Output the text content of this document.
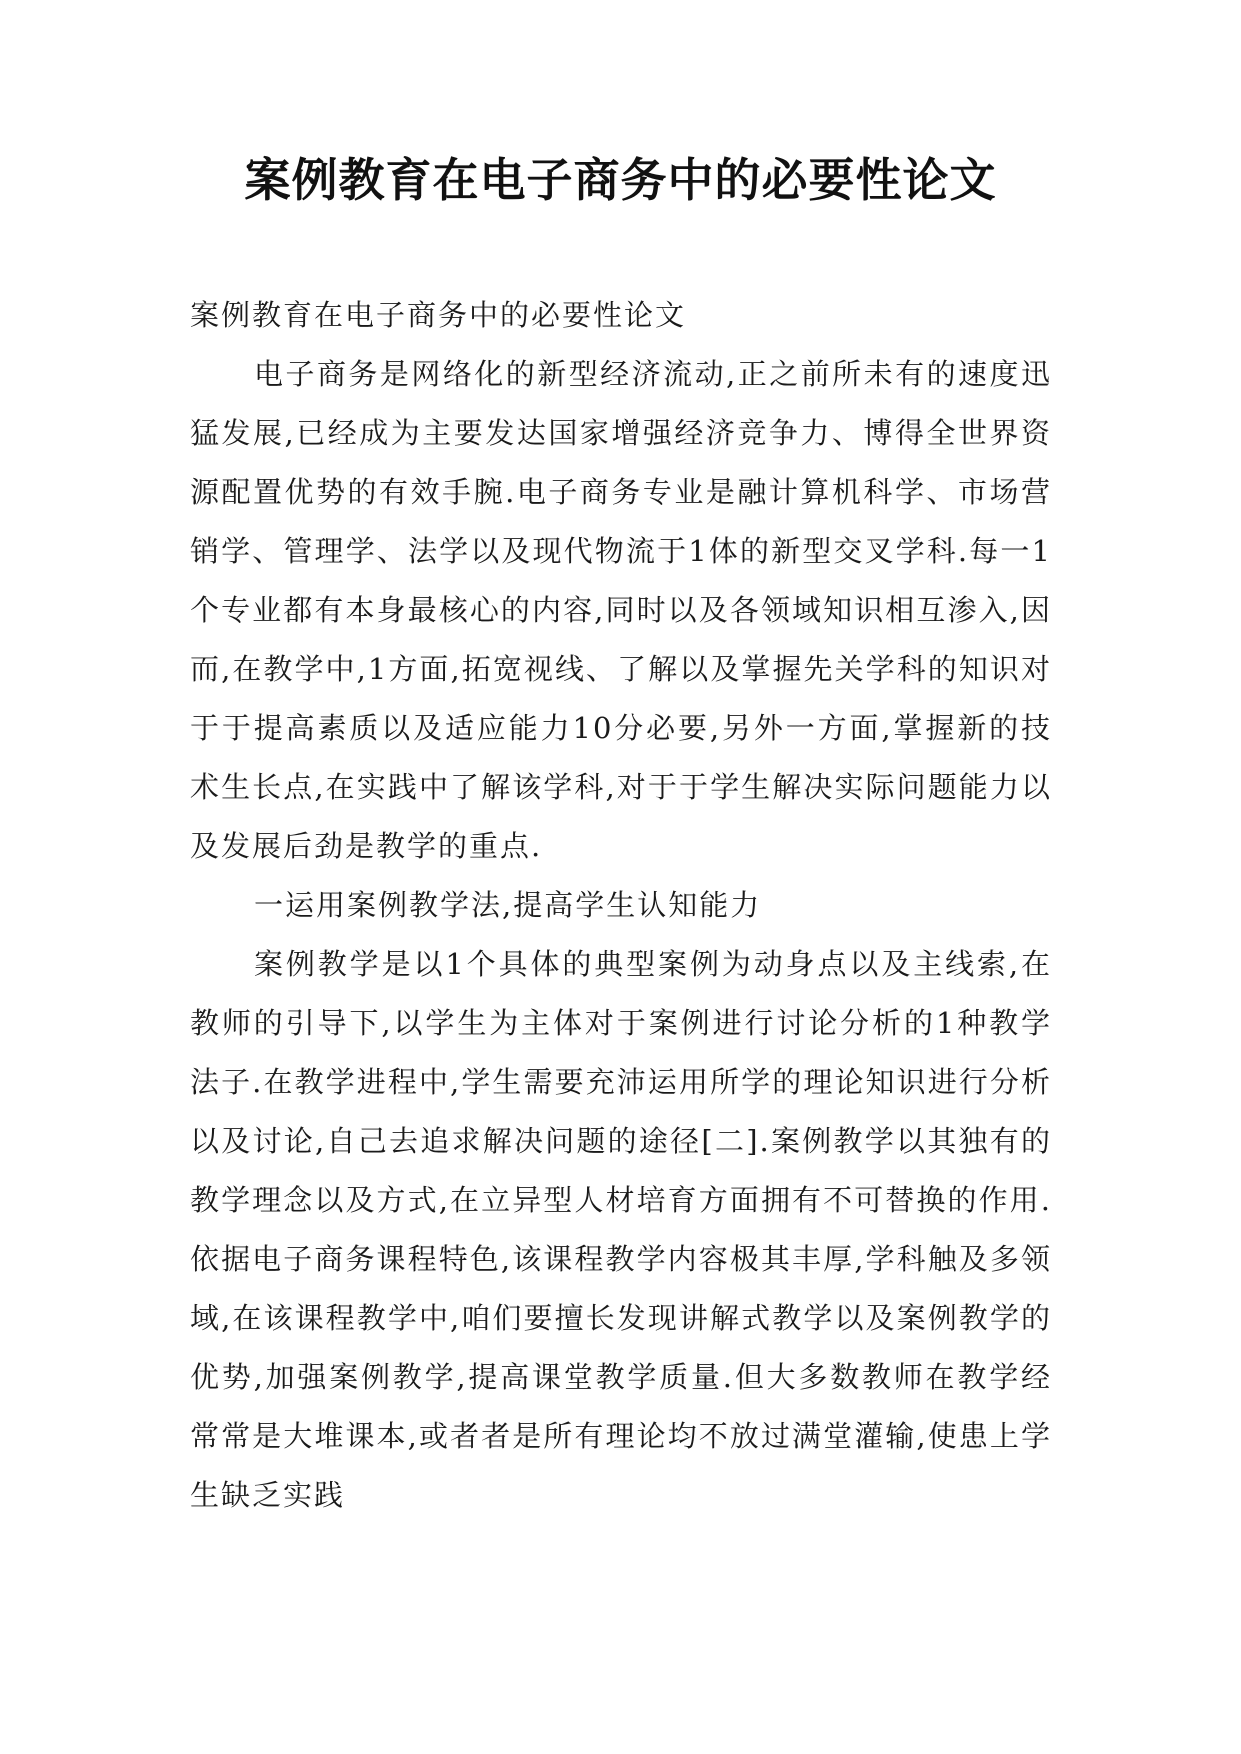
案例教育在电子商务中的必要性论文

案例教育在电子商务中的必要性论文

电子商务是网络化的新型经济流动,正之前所未有的速度迅猛发展,已经成为主要发达国家增强经济竞争力、博得全世界资源配置优势的有效手腕.电子商务专业是融计算机科学、市场营销学、管理学、法学以及现代物流于1体的新型交叉学科.每一1个专业都有本身最核心的内容,同时以及各领域知识相互渗入,因而,在教学中,1方面,拓宽视线、了解以及掌握先关学科的知识对于于提高素质以及适应能力10分必要,另外一方面,掌握新的技术生长点,在实践中了解该学科,对于于学生解决实际问题能力以及发展后劲是教学的重点.

一运用案例教学法,提高学生认知能力

案例教学是以1个具体的典型案例为动身点以及主线索,在教师的引导下,以学生为主体对于案例进行讨论分析的1种教学法子.在教学进程中,学生需要充沛运用所学的理论知识进行分析以及讨论,自己去追求解决问题的途径[二].案例教学以其独有的教学理念以及方式,在立异型人材培育方面拥有不可替换的作用.依据电子商务课程特色,该课程教学内容极其丰厚,学科触及多领域,在该课程教学中,咱们要擅长发现讲解式教学以及案例教学的优势,加强案例教学,提高课堂教学质量.但大多数教师在教学经常常是大堆课本,或者者是所有理论均不放过满堂灌输,使患上学生缺乏实践
